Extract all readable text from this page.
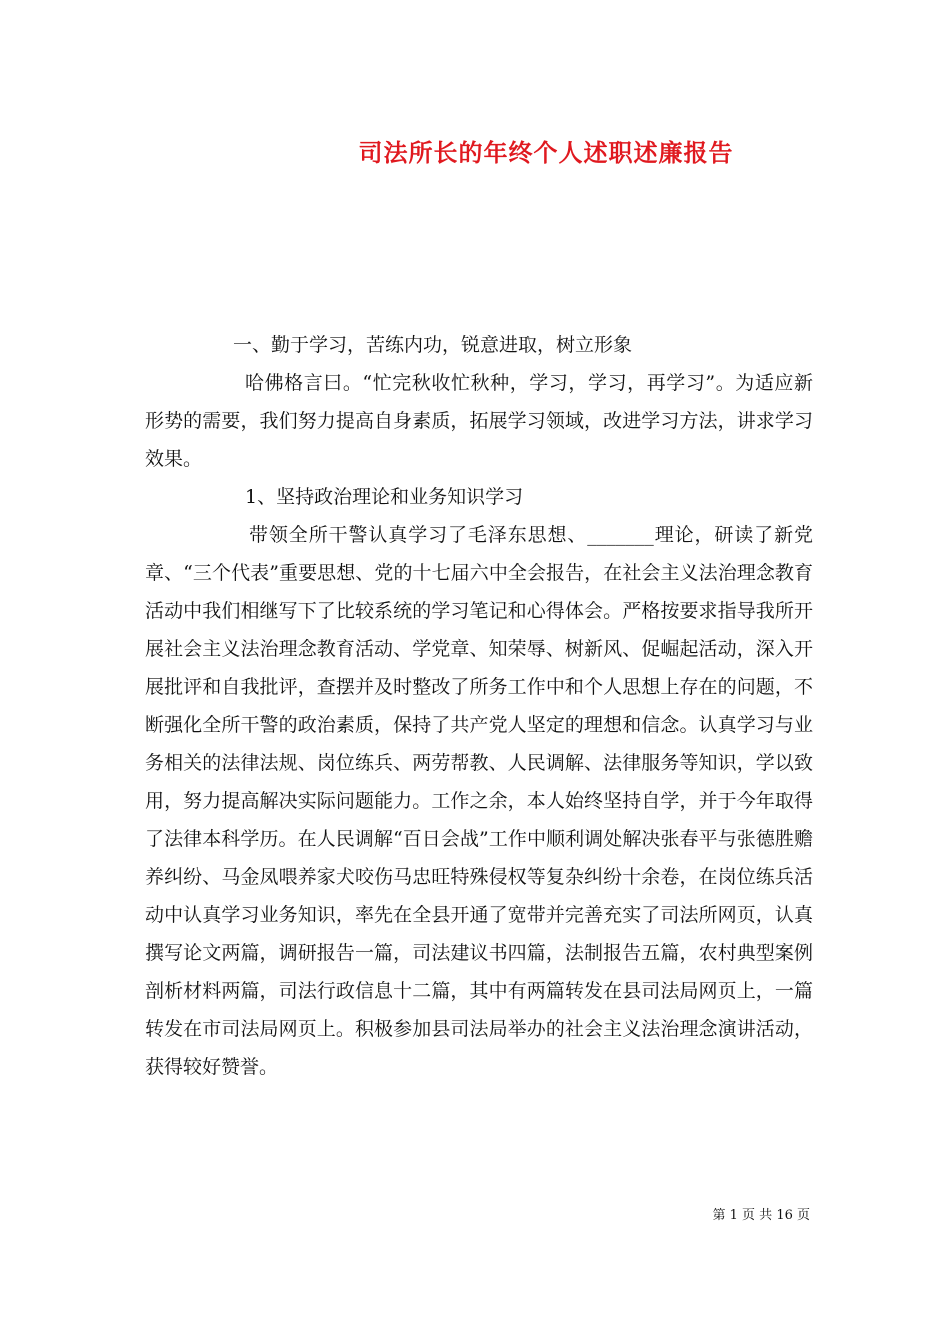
司法所长的年终个人述职述廉报告

一、勤于学习，苦练内功，锐意进取，树立形象

哈佛格言曰。“忙完秋收忙秋种，学习，学习，再学习”。为适应新形势的需要，我们努力提高自身素质，拓展学习领域，改进学习方法，讲求学习效果。

1、坚持政治理论和业务知识学习

带领全所干警认真学习了毛泽东思想、_______理论，研读了新党章、“三个代表”重要思想、党的十七届六中全会报告，在社会主义法治理念教育活动中我们相继写下了比较系统的学习笔记和心得体会。严格按要求指导我所开展社会主义法治理念教育活动、学党章、知荣辱、树新风、促崛起活动，深入开展批评和自我批评，查摆并及时整改了所务工作中和个人思想上存在的问题，不断强化全所干警的政治素质，保持了共产党人坚定的理想和信念。认真学习与业务相关的法律法规、岗位练兵、两劳帮教、人民调解、法律服务等知识，学以致用，努力提高解决实际问题能力。工作之余，本人始终坚持自学，并于今年取得了法律本科学历。在人民调解“百日会战”工作中顺利调处解决张春平与张德胜赡养纠纷、马金凤喂养家犬咬伤马忠旺特殊侵权等复杂纠纷十余卷，在岗位练兵活动中认真学习业务知识，率先在全县开通了宽带并完善充实了司法所网页，认真撰写论文两篇，调研报告一篇，司法建议书四篇，法制报告五篇，农村典型案例剖析材料两篇，司法行政信息十二篇，其中有两篇转发在县司法局网页上，一篇转发在市司法局网页上。积极参加县司法局举办的社会主义法治理念演讲活动，获得较好赞誉。

第 1 页 共 16 页
